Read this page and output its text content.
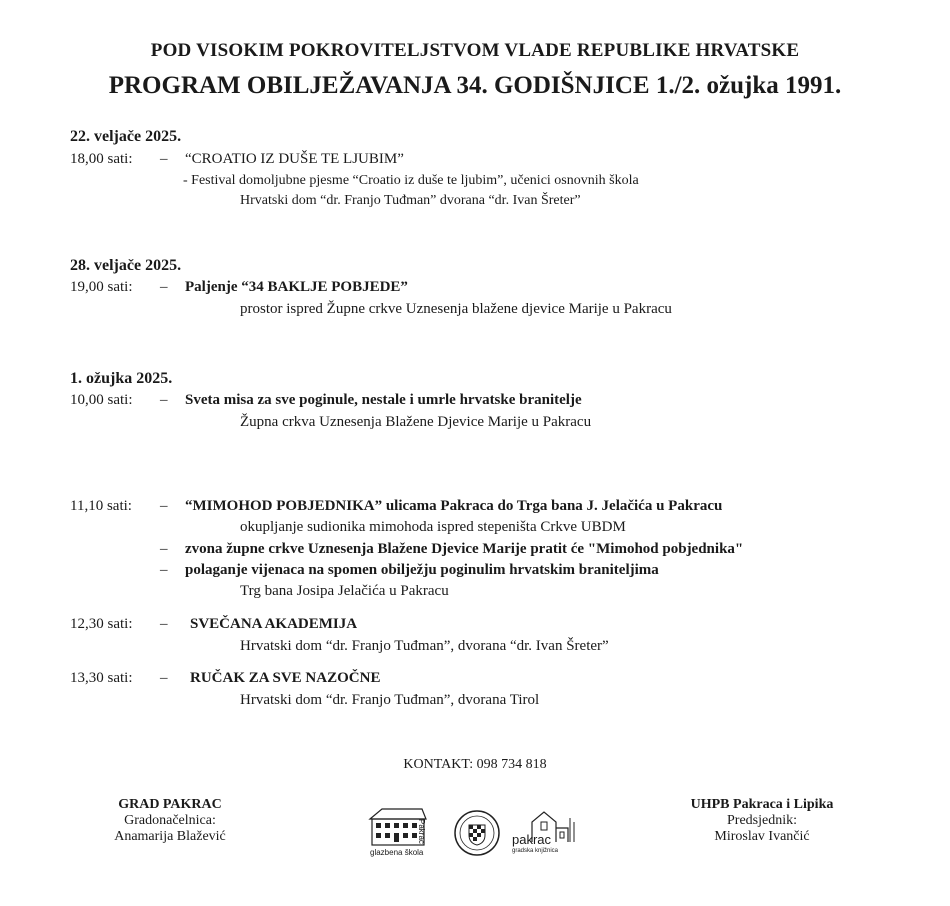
POD VISOKIM POKROVITELJSTVOM VLADE REPUBLIKE HRVATSKE
PROGRAM OBILJEŽAVANJA 34. GODIŠNJICE 1./2. ožujka 1991.
22. veljače 2025.
18,00 sati: – “CROATIO IZ DUŠE TE LJUBIM”
- Festival domoljubne pjesme “Croatio iz duše te ljubim”, učenici osnovnih škola
Hrvatski dom “dr. Franjo Tuđman” dvorana “dr. Ivan Šreter”
28. veljače 2025.
19,00 sati: – Paljenje “34 BAKLJE POBJEDE”
prostor ispred Župne crkve Uznesenja blažene djevice Marije u Pakracu
1. ožujka 2025.
10,00 sati: – Sveta misa za sve poginule, nestale i umrle hrvatske branitelje
Župna crkva Uznesenja Blažene Djevice Marije u Pakracu
11,10 sati: – “MIMOHOD POBJEDNIKA” ulicama Pakraca do Trga bana J. Jelačića u Pakracu
okupljanje sudionika mimohoda ispred stepeništa Crkve UBDM
– zvona župne crkve Uznesenja Blažene Djevice Marije pratit će "Mimohod pobjednika"
– polaganje vijenaca na spomen obilježju poginulim hrvatskim braniteljima
Trg bana Josipa Jelačića u Pakracu
12,30 sati: – SVEČANA AKADEMIJA
Hrvatski dom “dr. Franjo Tuđman”, dvorana “dr. Ivan Šreter”
13,30 sati: – RUČAK ZA SVE NAZOČNE
Hrvatski dom “dr. Franjo Tuđman”, dvorana Tirol
KONTAKT: 098 734 818
GRAD PAKRAC
Gradonačelnica:
Anamarija Blažević
UHPB Pakraca i Lipika
Predsjednik:
Miroslav Ivančić
glazbena škola
Pakrac	pakrac
gradska knjižnica
